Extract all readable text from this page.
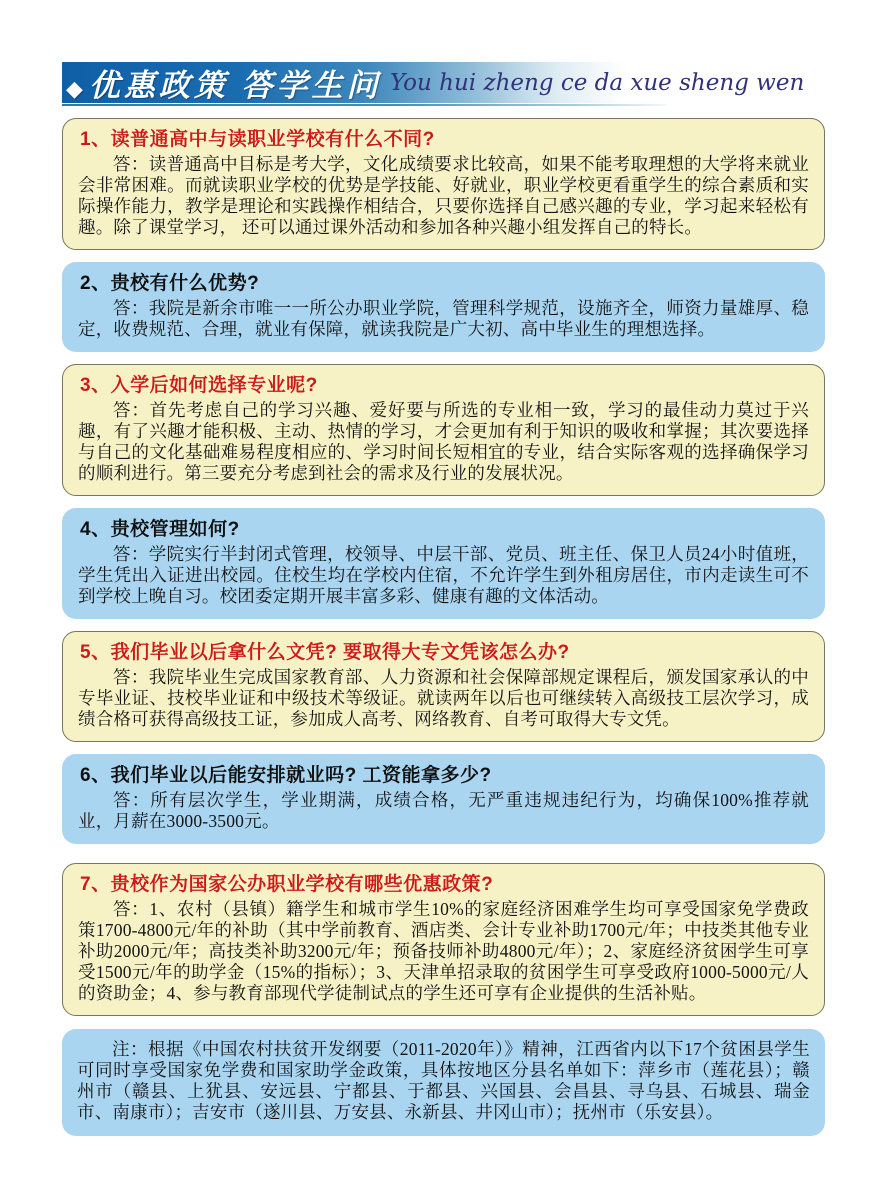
◆优惠政策 答学生问 You hui zheng ce da xue sheng wen
1、读普通高中与读职业学校有什么不同?

答：读普通高中目标是考大学，文化成绩要求比较高，如果不能考取理想的大学将来就业会非常困难。而就读职业学校的优势是学技能、好就业，职业学校更看重学生的综合素质和实际操作能力，教学是理论和实践操作相结合，只要你选择自己感兴趣的专业，学习起来轻松有趣。除了课堂学习， 还可以通过课外活动和参加各种兴趣小组发挥自己的特长。

2、贵校有什么优势?

答：我院是新余市唯一一所公办职业学院，管理科学规范，设施齐全，师资力量雄厚、稳定，收费规范、合理，就业有保障，就读我院是广大初、高中毕业生的理想选择。

3、入学后如何选择专业呢?

答：首先考虑自己的学习兴趣、爱好要与所选的专业相一致，学习的最佳动力莫过于兴趣，有了兴趣才能积极、主动、热情的学习，才会更加有利于知识的吸收和掌握；其次要选择与自己的文化基础难易程度相应的、学习时间长短相宜的专业，结合实际客观的选择确保学习的顺利进行。第三要充分考虑到社会的需求及行业的发展状况。

4、贵校管理如何?

答：学院实行半封闭式管理，校领导、中层干部、党员、班主任、保卫人员24小时值班，学生凭出入证进出校园。住校生均在学校内住宿，不允许学生到外租房居住，市内走读生可不到学校上晚自习。校团委定期开展丰富多彩、健康有趣的文体活动。

5、我们毕业以后拿什么文凭? 要取得大专文凭该怎么办?

答：我院毕业生完成国家教育部、人力资源和社会保障部规定课程后，颁发国家承认的中专毕业证、技校毕业证和中级技术等级证。就读两年以后也可继续转入高级技工层次学习，成绩合格可获得高级技工证，参加成人高考、网络教育、自考可取得大专文凭。

6、我们毕业以后能安排就业吗? 工资能拿多少?

答：所有层次学生，学业期满，成绩合格，无严重违规违纪行为，均确保100%推荐就业，月薪在3000-3500元。

7、贵校作为国家公办职业学校有哪些优惠政策?

答：1、农村（县镇）籍学生和城市学生10%的家庭经济困难学生均可享受国家免学费政策1700-4800元/年的补助（其中学前教育、酒店类、会计专业补助1700元/年；中技类其他专业补助2000元/年；高技类补助3200元/年；预备技师补助4800元/年）；2、家庭经济贫困学生可享受1500元/年的助学金（15%的指标）；3、天津单招录取的贫困学生可享受政府1000-5000元/人的资助金；4、参与教育部现代学徒制试点的学生还可享有企业提供的生活补贴。

注：根据《中国农村扶贫开发纲要（2011-2020年）》精神，江西省内以下17个贫困县学生可同时享受国家免学费和国家助学金政策，具体按地区分县名单如下：萍乡市（莲花县）；赣州市（赣县、上犹县、安远县、宁都县、于都县、兴国县、会昌县、寻乌县、石城县、瑞金市、南康市）；吉安市（遂川县、万安县、永新县、井冈山市）；抚州市（乐安县）。
